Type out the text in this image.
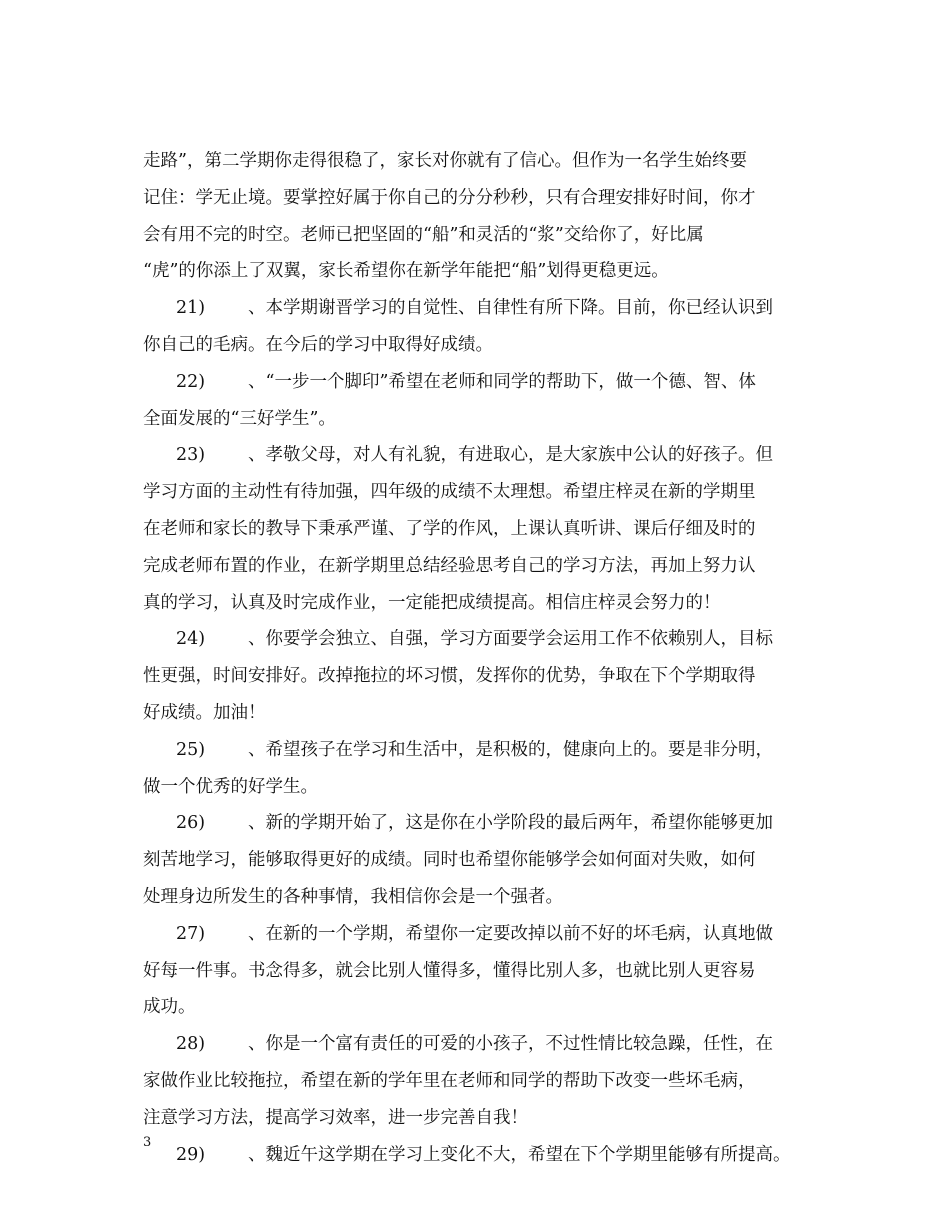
走路”，第二学期你走得很稳了，家长对你就有了信心。但作为一名学生始终要
记住：学无止境。要掌控好属于你自己的分分秒秒，只有合理安排好时间，你才
会有用不完的时空。老师已把坚固的“船”和灵活的“浆”交给你了，好比属
“虎”的你添上了双翼，家长希望你在新学年能把“船”划得更稳更远。
21) 、本学期谢晋学习的自觉性、自律性有所下降。目前，你已经认识到
你自己的毛病。在今后的学习中取得好成绩。
22) 、“一步一个脚印”希望在老师和同学的帮助下，做一个德、智、体
全面发展的“三好学生”。
23) 、孝敬父母，对人有礼貌，有进取心，是大家族中公认的好孩子。但
学习方面的主动性有待加强，四年级的成绩不太理想。希望庄梓灵在新的学期里
在老师和家长的教导下秉承严谨、了学的作风，上课认真听讲、课后仔细及时的
完成老师布置的作业，在新学期里总结经验思考自己的学习方法，再加上努力认
真的学习，认真及时完成作业，一定能把成绩提高。相信庄梓灵会努力的！
24) 、你要学会独立、自强，学习方面要学会运用工作不依赖别人，目标
性更强，时间安排好。改掉拖拉的坏习惯，发挥你的优势，争取在下个学期取得
好成绩。加油！
25) 、希望孩子在学习和生活中，是积极的，健康向上的。要是非分明，
做一个优秀的好学生。
26) 、新的学期开始了，这是你在小学阶段的最后两年，希望你能够更加
刻苦地学习，能够取得更好的成绩。同时也希望你能够学会如何面对失败，如何
处理身边所发生的各种事情，我相信你会是一个强者。
27) 、在新的一个学期，希望你一定要改掉以前不好的坏毛病，认真地做
好每一件事。书念得多，就会比别人懂得多，懂得比别人多，也就比别人更容易
成功。
28) 、你是一个富有责任的可爱的小孩子，不过性情比较急躁，任性，在
家做作业比较拖拉，希望在新的学年里在老师和同学的帮助下改变一些坏毛病，
注意学习方法，提高学习效率，进一步完善自我！
29) 、魏近午这学期在学习上变化不大，希望在下个学期里能够有所提高。
3
